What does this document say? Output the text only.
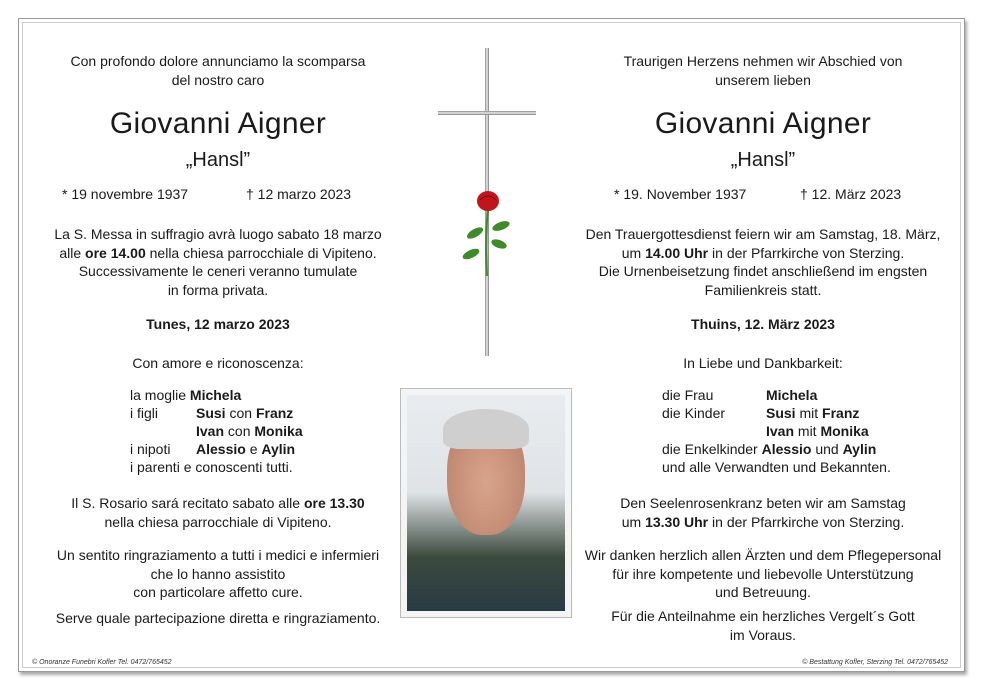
Con profondo dolore annunciamo la scomparsa
del nostro caro
Giovanni Aigner
„Hansl”
* 19 novembre 1937	† 12 marzo 2023
La S. Messa in suffragio avrà luogo sabato 18 marzo
alle ore 14.00 nella chiesa parrocchiale di Vipiteno.
Successivamente le ceneri veranno tumulate
in forma privata.
Tunes, 12 marzo 2023
Con amore e riconoscenza:
la moglie Michela
i figli	Susi con Franz
Ivan con Monika
i nipoti Alessio e Aylin
i parenti e conoscenti tutti.
Il S. Rosario sará recitato sabato alle ore 13.30
nella chiesa parrocchiale di Vipiteno.
Un sentito ringraziamento a tutti i medici e infermieri
che lo hanno assistito
con particolare affetto cure.
Serve quale partecipazione diretta e ringraziamento.
© Onoranze Funebri Kofler Tel. 0472/765452
Traurigen Herzens nehmen wir Abschied von
unserem lieben
Giovanni Aigner
„Hansl”
* 19. November 1937	† 12. März 2023
Den Trauergottesdienst feiern wir am Samstag, 18. März,
um 14.00 Uhr in der Pfarrkirche von Sterzing.
Die Urnenbeisetzung findet anschließend im engsten
Familienkreis statt.
Thuins, 12. März 2023
In Liebe und Dankbarkeit:
die Frau	Michela
die Kinder	Susi mit Franz
Ivan mit Monika
die Enkelkinder Alessio und Aylin
und alle Verwandten und Bekannten.
Den Seelenrosenkranz beten wir am Samstag
um 13.30 Uhr in der Pfarrkirche von Sterzing.
Wir danken herzlich allen Ärzten und dem Pflegepersonal
für ihre kompetente und liebevolle Unterstützung
und Betreuung.
Für die Anteilnahme ein herzliches Vergelt´s Gott
im Voraus.
© Bestattung Kofler, Sterzing Tel. 0472/765452
